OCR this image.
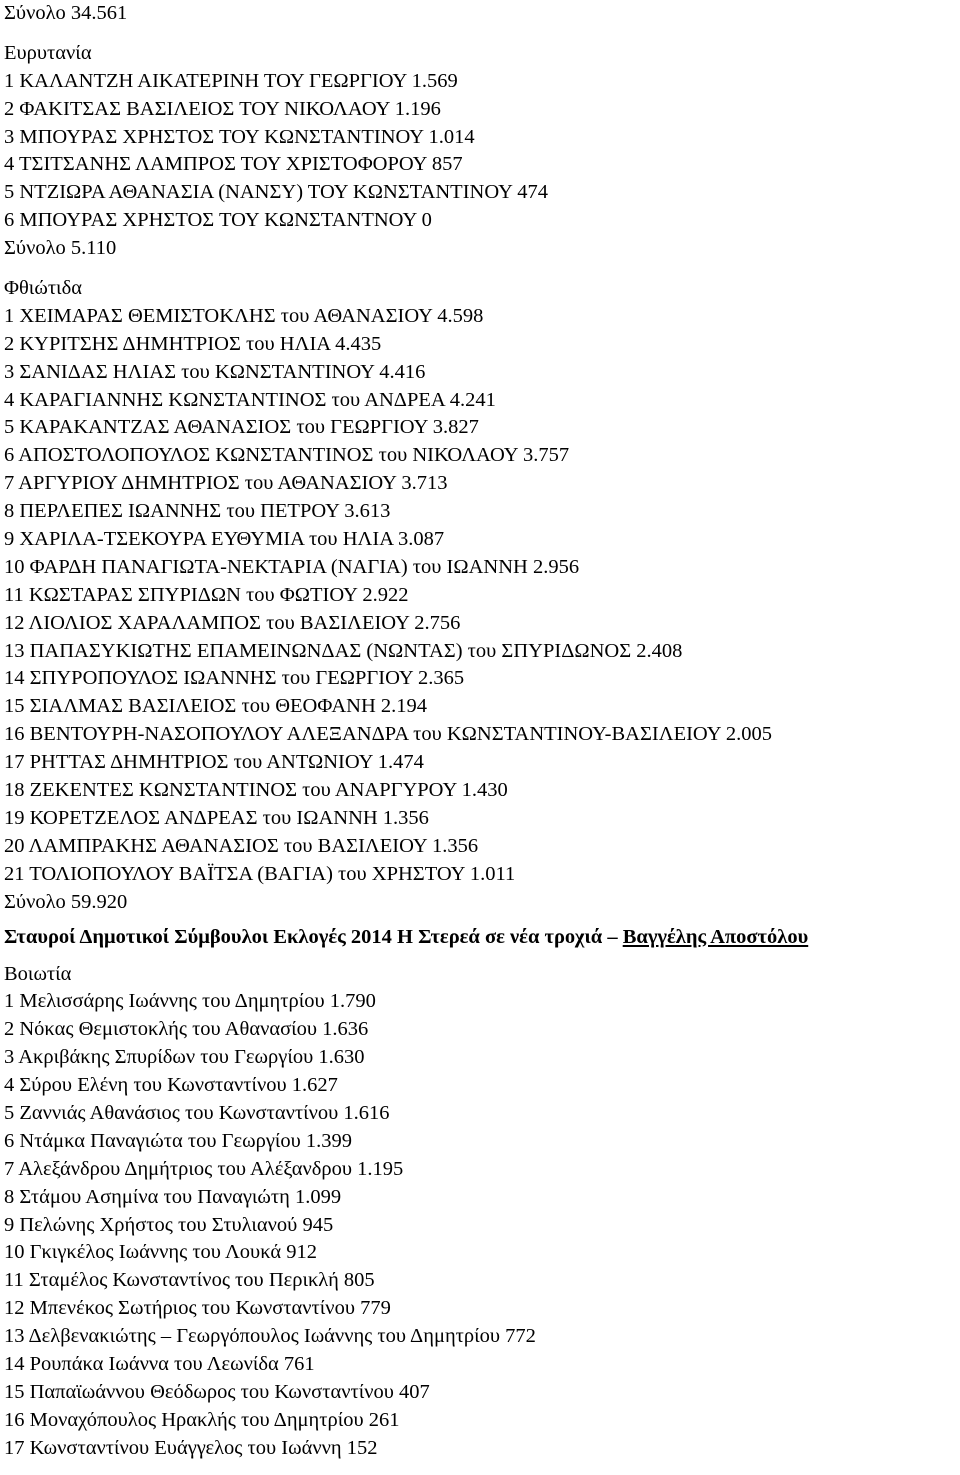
Σύνολο 34.561
Ευρυτανία
1 ΚΑΛΑΝΤΖΗ ΑΙΚΑΤΕΡΙΝΗ ΤΟΥ ΓΕΩΡΓΙΟΥ 1.569
2 ΦΑΚΙΤΣΑΣ ΒΑΣΙΛΕΙΟΣ ΤΟΥ ΝΙΚΟΛΑΟΥ 1.196
3 ΜΠΟΥΡΑΣ ΧΡΗΣΤΟΣ ΤΟΥ ΚΩΝΣΤΑΝΤΙΝΟΥ 1.014
4 ΤΣΙΤΣΑΝΗΣ ΛΑΜΠΡΟΣ ΤΟΥ ΧΡΙΣΤΟΦΟΡΟΥ 857
5 ΝΤΖΙΩΡΑ ΑΘΑΝΑΣΙΑ (ΝΑΝΣΥ) ΤΟΥ ΚΩΝΣΤΑΝΤΙΝΟΥ 474
6 ΜΠΟΥΡΑΣ ΧΡΗΣΤΟΣ ΤΟΥ ΚΩΝΣΤΑΝΤΝΟΥ 0
Σύνολο 5.110
Φθιώτιδα
1 ΧΕΙΜΑΡΑΣ ΘΕΜΙΣΤΟΚΛΗΣ του ΑΘΑΝΑΣΙΟΥ 4.598
2 ΚΥΡΙΤΣΗΣ ΔΗΜΗΤΡΙΟΣ του ΗΛΙΑ 4.435
3 ΣΑΝΙΔΑΣ ΗΛΙΑΣ του ΚΩΝΣΤΑΝΤΙΝΟΥ 4.416
4 ΚΑΡΑΓΙΑΝΝΗΣ ΚΩΝΣΤΑΝΤΙΝΟΣ του ΑΝΔΡΕΑ 4.241
5 ΚΑΡΑΚΑΝΤΖΑΣ ΑΘΑΝΑΣΙΟΣ του ΓΕΩΡΓΙΟΥ 3.827
6 ΑΠΟΣΤΟΛΟΠΟΥΛΟΣ ΚΩΝΣΤΑΝΤΙΝΟΣ του ΝΙΚΟΛΑΟΥ 3.757
7 ΑΡΓΥΡΙΟΥ ΔΗΜΗΤΡΙΟΣ του ΑΘΑΝΑΣΙΟΥ 3.713
8 ΠΕΡΛΕΠΕΣ ΙΩΑΝΝΗΣ του ΠΕΤΡΟΥ 3.613
9 ΧΑΡΙΛΑ-ΤΣΕΚΟΥΡΑ ΕΥΘΥΜΙΑ του ΗΛΙΑ 3.087
10 ΦΑΡΔΗ ΠΑΝΑΓΙΩΤΑ-ΝΕΚΤΑΡΙΑ (ΝΑΓΙΑ) του ΙΩΑΝΝΗ 2.956
11 ΚΩΣΤΑΡΑΣ ΣΠΥΡΙΔΩΝ του ΦΩΤΙΟΥ 2.922
12 ΛΙΟΛΙΟΣ ΧΑΡΑΛΑΜΠΟΣ του ΒΑΣΙΛΕΙΟΥ 2.756
13 ΠΑΠΑΣΥΚΙΩΤΗΣ ΕΠΑΜΕΙΝΩΝΔΑΣ (ΝΩΝΤΑΣ) του ΣΠΥΡΙΔΩΝΟΣ 2.408
14 ΣΠΥΡΟΠΟΥΛΟΣ ΙΩΑΝΝΗΣ του ΓΕΩΡΓΙΟΥ 2.365
15 ΣΙΑΛΜΑΣ ΒΑΣΙΛΕΙΟΣ του ΘΕΟΦΑΝΗ 2.194
16 ΒΕΝΤΟΥΡΗ-ΝΑΣΟΠΟΥΛΟΥ ΑΛΕΞΑΝΔΡΑ του ΚΩΝΣΤΑΝΤΙΝΟΥ-ΒΑΣΙΛΕΙΟΥ 2.005
17 ΡΗΤΤΑΣ ΔΗΜΗΤΡΙΟΣ του ΑΝΤΩΝΙΟΥ 1.474
18 ΖΕΚΕΝΤΕΣ ΚΩΝΣΤΑΝΤΙΝΟΣ του ΑΝΑΡΓΥΡΟΥ 1.430
19 ΚΟΡΕΤΖΕΛΟΣ ΑΝΔΡΕΑΣ του ΙΩΑΝΝΗ 1.356
20 ΛΑΜΠΡΑΚΗΣ ΑΘΑΝΑΣΙΟΣ του ΒΑΣΙΛΕΙΟΥ 1.356
21 ΤΟΛΙΟΠΟΥΛΟΥ ΒΑΪΤΣΑ (ΒΑΓΙΑ) του ΧΡΗΣΤΟΥ 1.011
Σύνολο 59.920
Σταυροί Δημοτικοί Σύμβουλοι Εκλογές 2014 Η Στερεά σε νέα τροχιά – Βαγγέλης Αποστόλου
Βοιωτία
1 Μελισσάρης Ιωάννης του Δημητρίου 1.790
2 Νόκας Θεμιστοκλής του Αθανασίου 1.636
3 Ακριβάκης Σπυρίδων του Γεωργίου 1.630
4 Σύρου Ελένη του Κωνσταντίνου 1.627
5 Ζαννιάς Αθανάσιος του Κωνσταντίνου 1.616
6 Ντάμκα Παναγιώτα του Γεωργίου 1.399
7 Αλεξάνδρου Δημήτριος του Αλέξανδρου 1.195
8 Στάμου Ασημίνα του Παναγιώτη 1.099
9 Πελώνης Χρήστος του Στυλιανού 945
10 Γκιγκέλος Ιωάννης του Λουκά 912
11 Σταμέλος Κωνσταντίνος του Περικλή 805
12 Μπενέκος Σωτήριος του Κωνσταντίνου 779
13 Δελβενακιώτης – Γεωργόπουλος Ιωάννης του Δημητρίου 772
14 Ρουπάκα Ιωάννα του Λεωνίδα 761
15 Παπαϊωάννου Θεόδωρος του Κωνσταντίνου 407
16 Μοναχόπουλος Ηρακλής του Δημητρίου 261
17 Κωνσταντίνου Ευάγγελος του Ιωάννη 152
